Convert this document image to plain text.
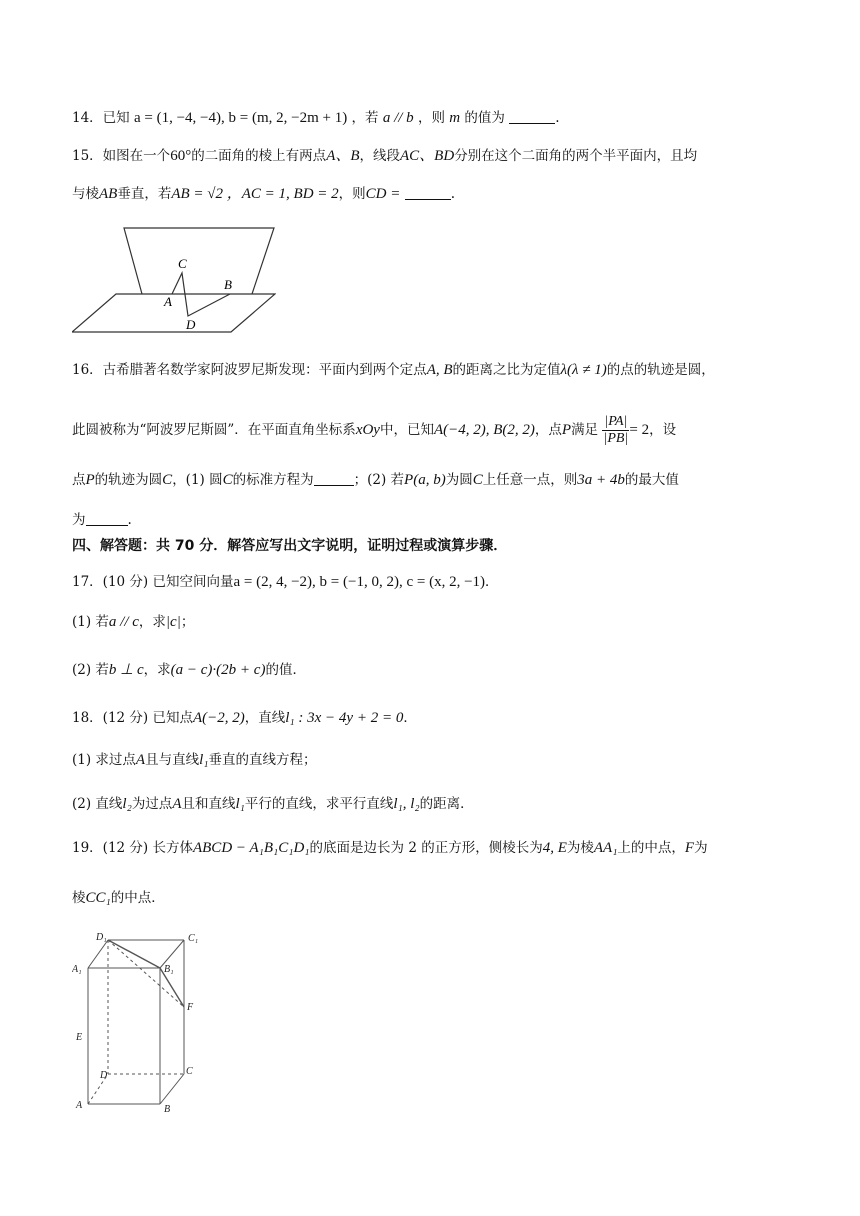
14．已知 a = (1, −4, −4), b = (m, 2, −2m + 1) ，若 a // b ，则 m 的值为	.
15．如图在一个60°的二面角的棱上有两点A、B，线段AC、BD分别在这个二面角的两个半平面内，且均
与棱AB垂直，若AB = √2 ，AC = 1, BD = 2，则CD =	.
C
A
B
D
16．古希腊著名数学家阿波罗尼斯发现：平面内到两个定点A, B的距离之比为定值λ(λ ≠ 1)的点的轨迹是圆，
此圆被称为“阿波罗尼斯圆”．在平面直角坐标系xOy中，已知A(−4, 2), B(2, 2)，点P满足 $\frac{|PA|}{|PB|} = 2$，设
点P的轨迹为圆C，(1) 圆C的标准方程为	；(2) 若P(a, b)为圆C上任意一点，则3a + 4b的最大值
为	.
四、解答题：共 70 分．解答应写出文字说明，证明过程或演算步骤．
17．(10 分) 已知空间向量a = (2, 4, −2), b = (−1, 0, 2), c = (x, 2, −1)．
(1) 若a // c，求|c|；
(2) 若b ⊥ c，求(a − c)·(2b + c)的值．
18．(12 分) 已知点A(−2, 2)，直线l₁ : 3x − 4y + 2 = 0．
(1) 求过点A且与直线l₁垂直的直线方程；
(2) 直线l₂为过点A且和直线l₁平行的直线，求平行直线l₁, l₂的距离．
19．(12 分) 长方体ABCD − A₁B₁C₁D₁的底面是边长为 2 的正方形，侧棱长为4, E为棱AA₁上的中点，F为
棱CC₁的中点．
D₁	C₁
A₁	B₁
F
E
D	C
A	B
